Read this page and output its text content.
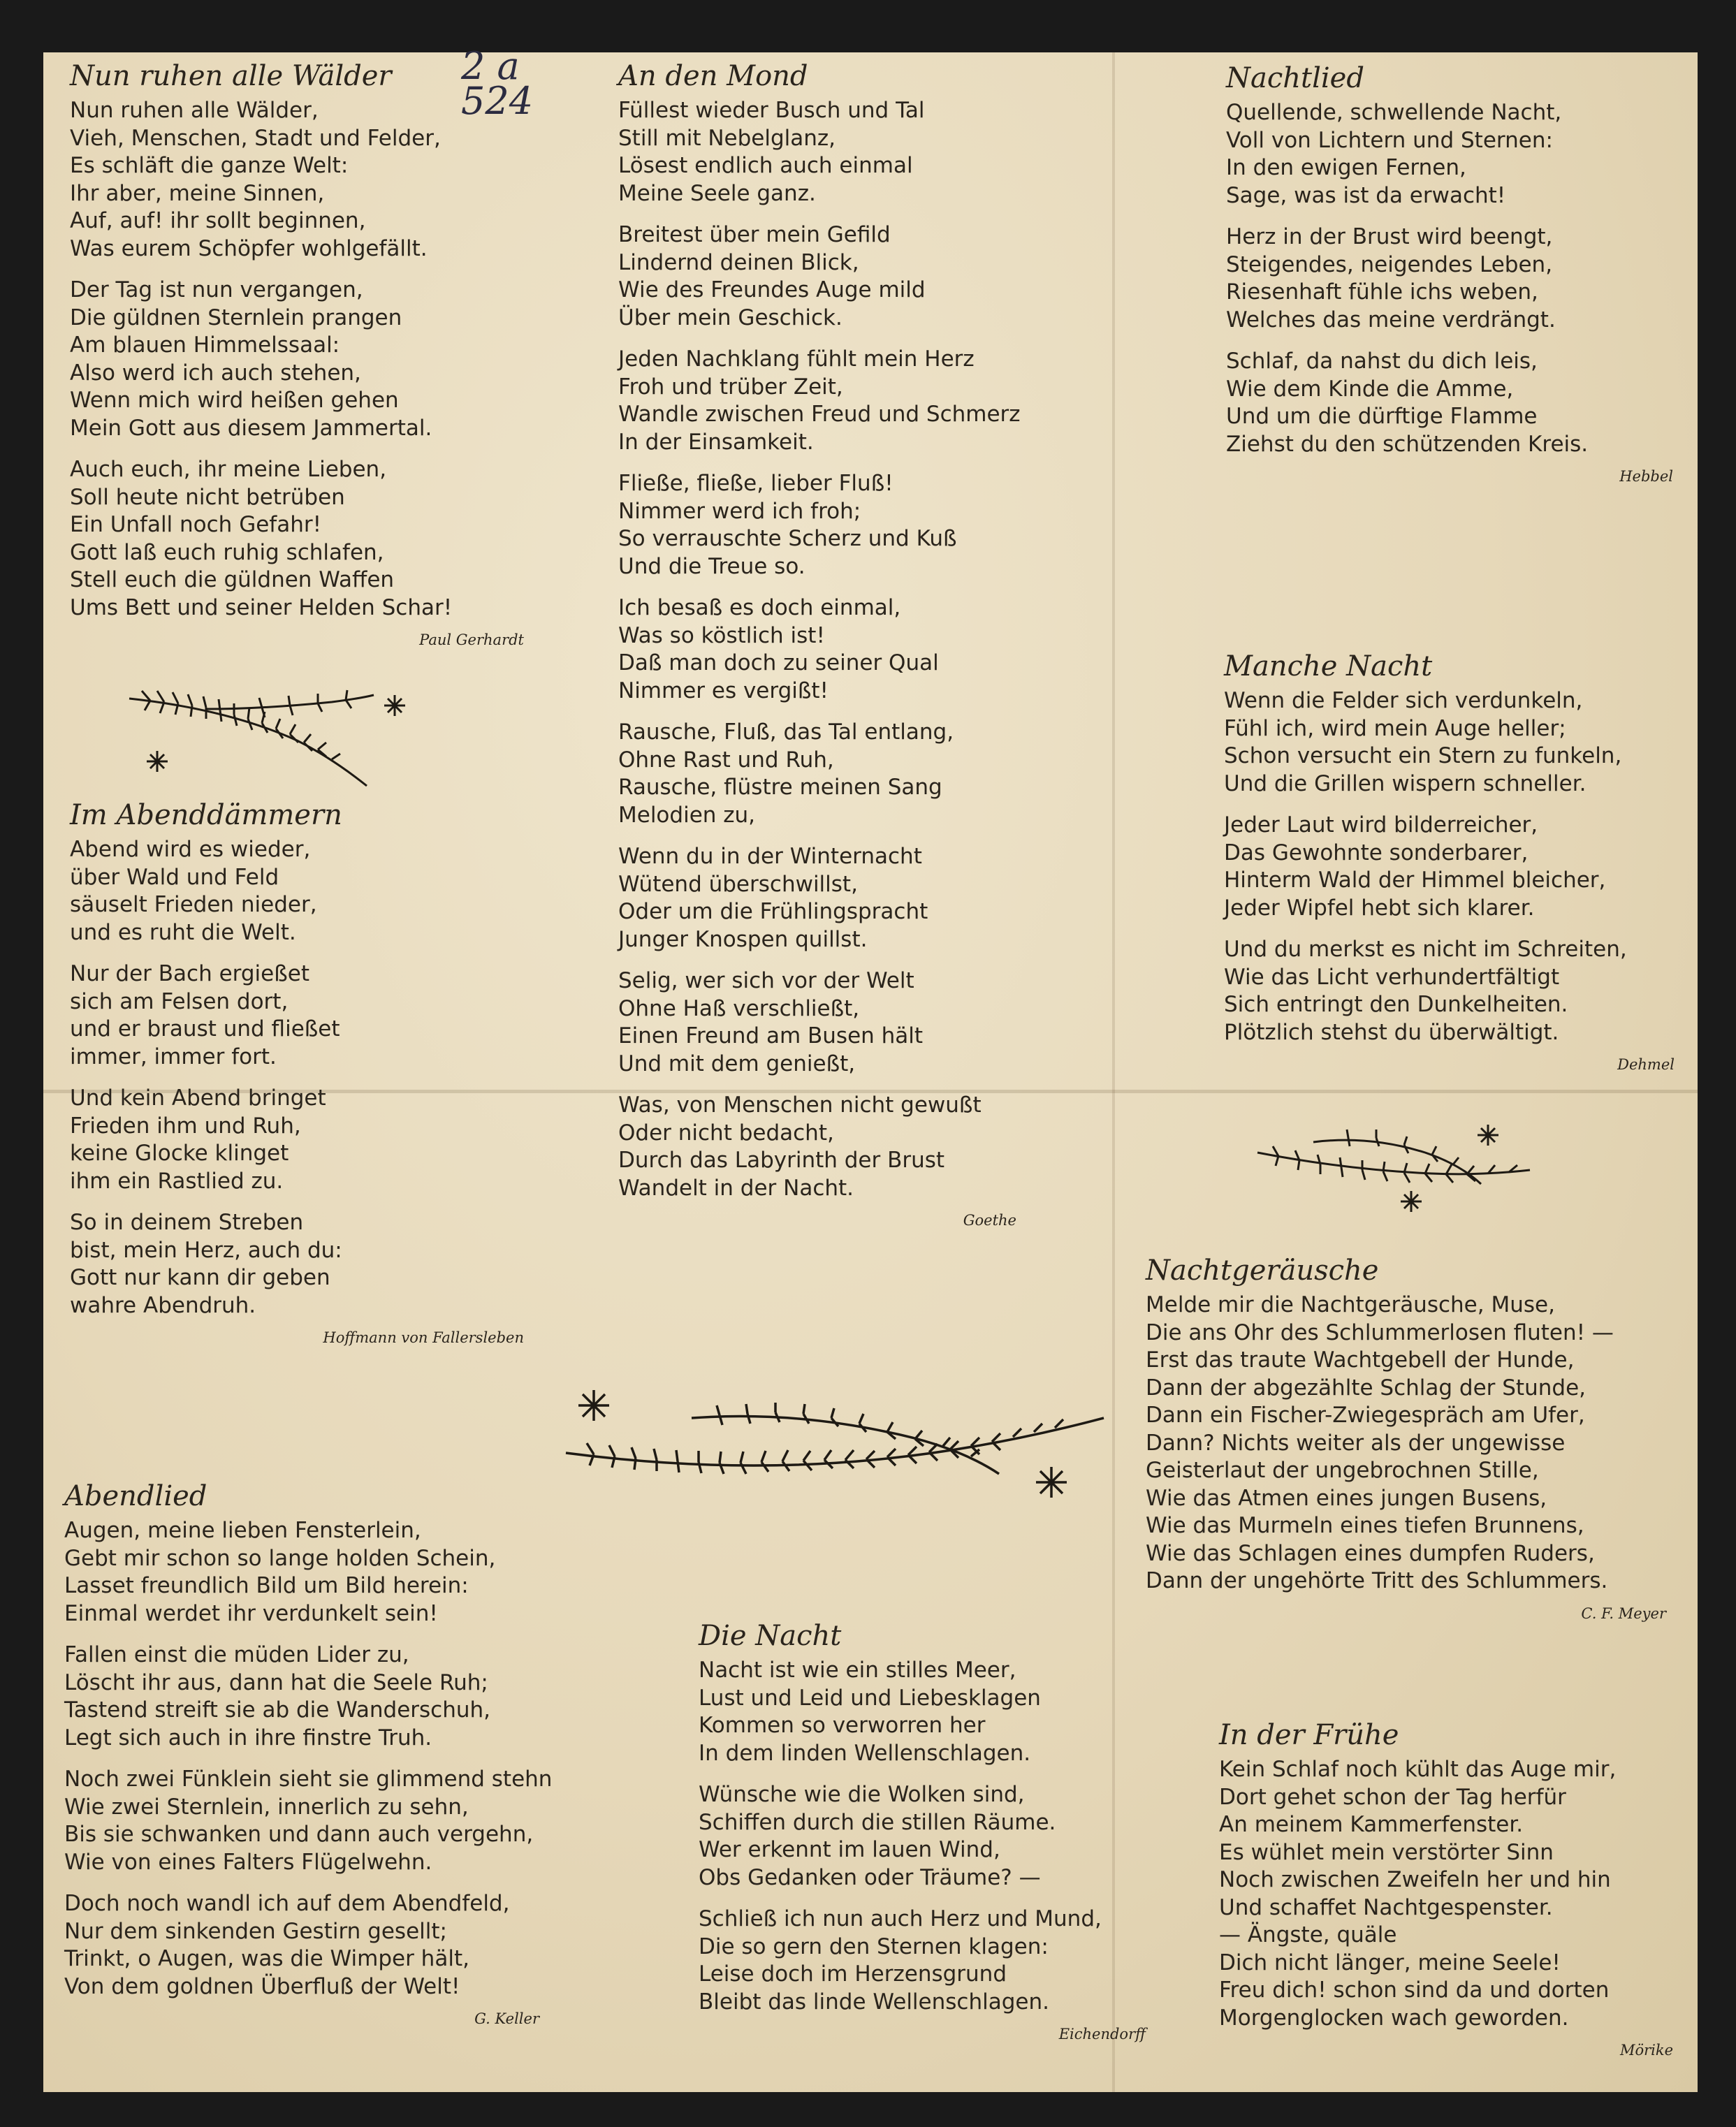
2 a
524
Nun ruhen alle Wälder
Nun ruhen alle Wälder,
Vieh, Menschen, Stadt und Felder,
Es schläft die ganze Welt:
Ihr aber, meine Sinnen,
Auf, auf! ihr sollt beginnen,
Was eurem Schöpfer wohlgefällt.
Der Tag ist nun vergangen,
Die güldnen Sternlein prangen
Am blauen Himmelssaal:
Also werd ich auch stehen,
Wenn mich wird heißen gehen
Mein Gott aus diesem Jammertal.
Auch euch, ihr meine Lieben,
Soll heute nicht betrüben
Ein Unfall noch Gefahr!
Gott laß euch ruhig schlafen,
Stell euch die güldnen Waffen
Ums Bett und seiner Helden Schar!
Paul Gerhardt
Im Abenddämmern
Abend wird es wieder,
über Wald und Feld
säuselt Frieden nieder,
und es ruht die Welt.
Nur der Bach ergießet
sich am Felsen dort,
und er braust und fließet
immer, immer fort.
Und kein Abend bringet
Frieden ihm und Ruh,
keine Glocke klinget
ihm ein Rastlied zu.
So in deinem Streben
bist, mein Herz, auch du:
Gott nur kann dir geben
wahre Abendruh.
Hoffmann von Fallersleben
Abendlied
Augen, meine lieben Fensterlein,
Gebt mir schon so lange holden Schein,
Lasset freundlich Bild um Bild herein:
Einmal werdet ihr verdunkelt sein!
Fallen einst die müden Lider zu,
Löscht ihr aus, dann hat die Seele Ruh;
Tastend streift sie ab die Wanderschuh,
Legt sich auch in ihre finstre Truh.
Noch zwei Fünklein sieht sie glimmend stehn
Wie zwei Sternlein, innerlich zu sehn,
Bis sie schwanken und dann auch vergehn,
Wie von eines Falters Flügelwehn.
Doch noch wandl ich auf dem Abendfeld,
Nur dem sinkenden Gestirn gesellt;
Trinkt, o Augen, was die Wimper hält,
Von dem goldnen Überfluß der Welt!
G. Keller
An den Mond
Füllest wieder Busch und Tal
Still mit Nebelglanz,
Lösest endlich auch einmal
Meine Seele ganz.
Breitest über mein Gefild
Lindernd deinen Blick,
Wie des Freundes Auge mild
Über mein Geschick.
Jeden Nachklang fühlt mein Herz
Froh und trüber Zeit,
Wandle zwischen Freud und Schmerz
In der Einsamkeit.
Fließe, fließe, lieber Fluß!
Nimmer werd ich froh;
So verrauschte Scherz und Kuß
Und die Treue so.
Ich besaß es doch einmal,
Was so köstlich ist!
Daß man doch zu seiner Qual
Nimmer es vergißt!
Rausche, Fluß, das Tal entlang,
Ohne Rast und Ruh,
Rausche, flüstre meinen Sang
Melodien zu,
Wenn du in der Winternacht
Wütend überschwillst,
Oder um die Frühlingspracht
Junger Knospen quillst.
Selig, wer sich vor der Welt
Ohne Haß verschließt,
Einen Freund am Busen hält
Und mit dem genießt,
Was, von Menschen nicht gewußt
Oder nicht bedacht,
Durch das Labyrinth der Brust
Wandelt in der Nacht.
Goethe
Die Nacht
Nacht ist wie ein stilles Meer,
Lust und Leid und Liebesklagen
Kommen so verworren her
In dem linden Wellenschlagen.
Wünsche wie die Wolken sind,
Schiffen durch die stillen Räume.
Wer erkennt im lauen Wind,
Obs Gedanken oder Träume? —
Schließ ich nun auch Herz und Mund,
Die so gern den Sternen klagen:
Leise doch im Herzensgrund
Bleibt das linde Wellenschlagen.
Eichendorff
Nachtlied
Quellende, schwellende Nacht,
Voll von Lichtern und Sternen:
In den ewigen Fernen,
Sage, was ist da erwacht!
Herz in der Brust wird beengt,
Steigendes, neigendes Leben,
Riesenhaft fühle ichs weben,
Welches das meine verdrängt.
Schlaf, da nahst du dich leis,
Wie dem Kinde die Amme,
Und um die dürftige Flamme
Ziehst du den schützenden Kreis.
Hebbel
Manche Nacht
Wenn die Felder sich verdunkeln,
Fühl ich, wird mein Auge heller;
Schon versucht ein Stern zu funkeln,
Und die Grillen wispern schneller.
Jeder Laut wird bilderreicher,
Das Gewohnte sonderbarer,
Hinterm Wald der Himmel bleicher,
Jeder Wipfel hebt sich klarer.
Und du merkst es nicht im Schreiten,
Wie das Licht verhundertfältigt
Sich entringt den Dunkelheiten.
Plötzlich stehst du überwältigt.
Dehmel
Nachtgeräusche
Melde mir die Nachtgeräusche, Muse,
Die ans Ohr des Schlummerlosen fluten! —
Erst das traute Wachtgebell der Hunde,
Dann der abgezählte Schlag der Stunde,
Dann ein Fischer-Zwiegespräch am Ufer,
Dann? Nichts weiter als der ungewisse
Geisterlaut der ungebrochnen Stille,
Wie das Atmen eines jungen Busens,
Wie das Murmeln eines tiefen Brunnens,
Wie das Schlagen eines dumpfen Ruders,
Dann der ungehörte Tritt des Schlummers.
C. F. Meyer
In der Frühe
Kein Schlaf noch kühlt das Auge mir,
Dort gehet schon der Tag herfür
An meinem Kammerfenster.
Es wühlet mein verstörter Sinn
Noch zwischen Zweifeln her und hin
Und schaffet Nachtgespenster.
— Ängste, quäle
Dich nicht länger, meine Seele!
Freu dich! schon sind da und dorten
Morgenglocken wach geworden.
Mörike
